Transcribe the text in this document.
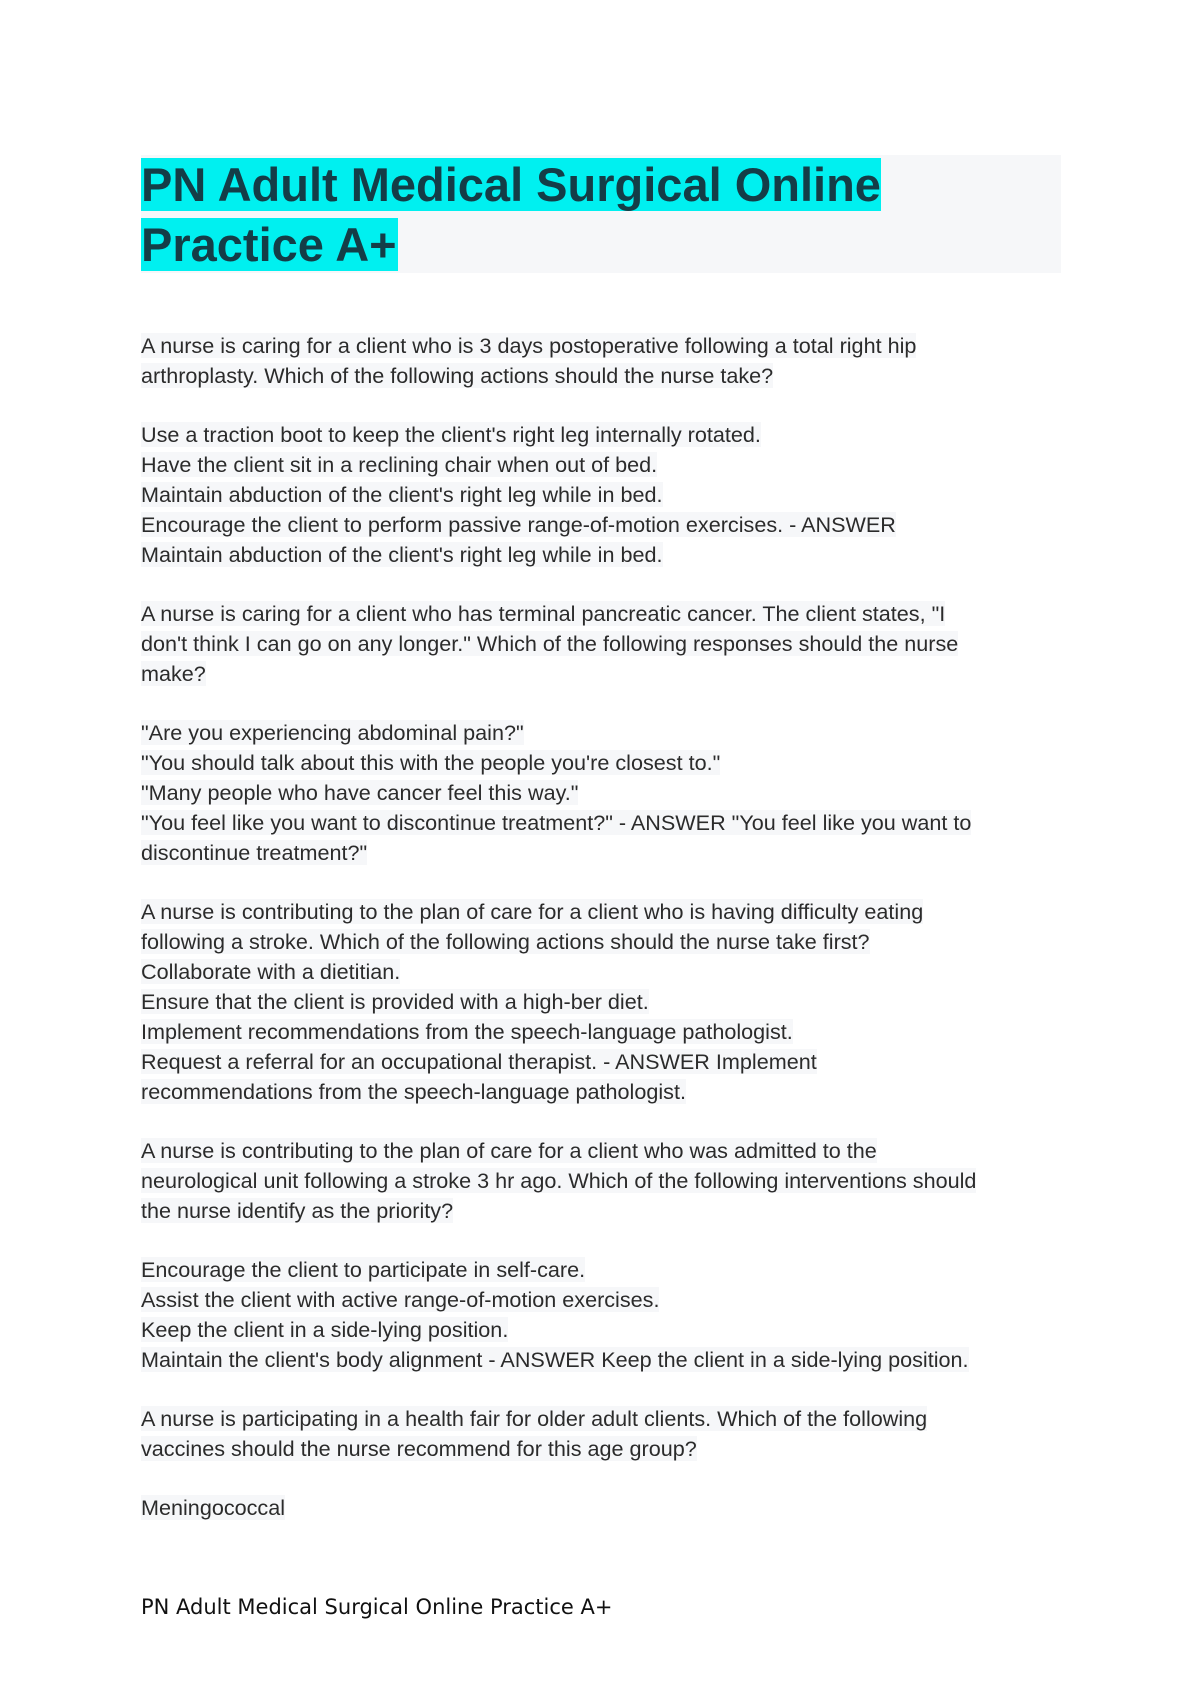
PN Adult Medical Surgical Online Practice A+
A nurse is caring for a client who is 3 days postoperative following a total right hip
arthroplasty. Which of the following actions should the nurse take?
Use a traction boot to keep the client's right leg internally rotated.
Have the client sit in a reclining chair when out of bed.
Maintain abduction of the client's right leg while in bed.
Encourage the client to perform passive range-of-motion exercises. - ANSWER
Maintain abduction of the client's right leg while in bed.
A nurse is caring for a client who has terminal pancreatic cancer. The client states, "I
don't think I can go on any longer." Which of the following responses should the nurse
make?
"Are you experiencing abdominal pain?"
"You should talk about this with the people you're closest to."
"Many people who have cancer feel this way."
"You feel like you want to discontinue treatment?" - ANSWER "You feel like you want to
discontinue treatment?"
A nurse is contributing to the plan of care for a client who is having difficulty eating
following a stroke. Which of the following actions should the nurse take first?
Collaborate with a dietitian.
Ensure that the client is provided with a high-ber diet.
Implement recommendations from the speech-language pathologist.
Request a referral for an occupational therapist. - ANSWER Implement
recommendations from the speech-language pathologist.
A nurse is contributing to the plan of care for a client who was admitted to the
neurological unit following a stroke 3 hr ago. Which of the following interventions should
the nurse identify as the priority?
Encourage the client to participate in self-care.
Assist the client with active range-of-motion exercises.
Keep the client in a side-lying position.
Maintain the client's body alignment - ANSWER Keep the client in a side-lying position.
A nurse is participating in a health fair for older adult clients. Which of the following
vaccines should the nurse recommend for this age group?
Meningococcal
PN Adult Medical Surgical Online Practice A+
